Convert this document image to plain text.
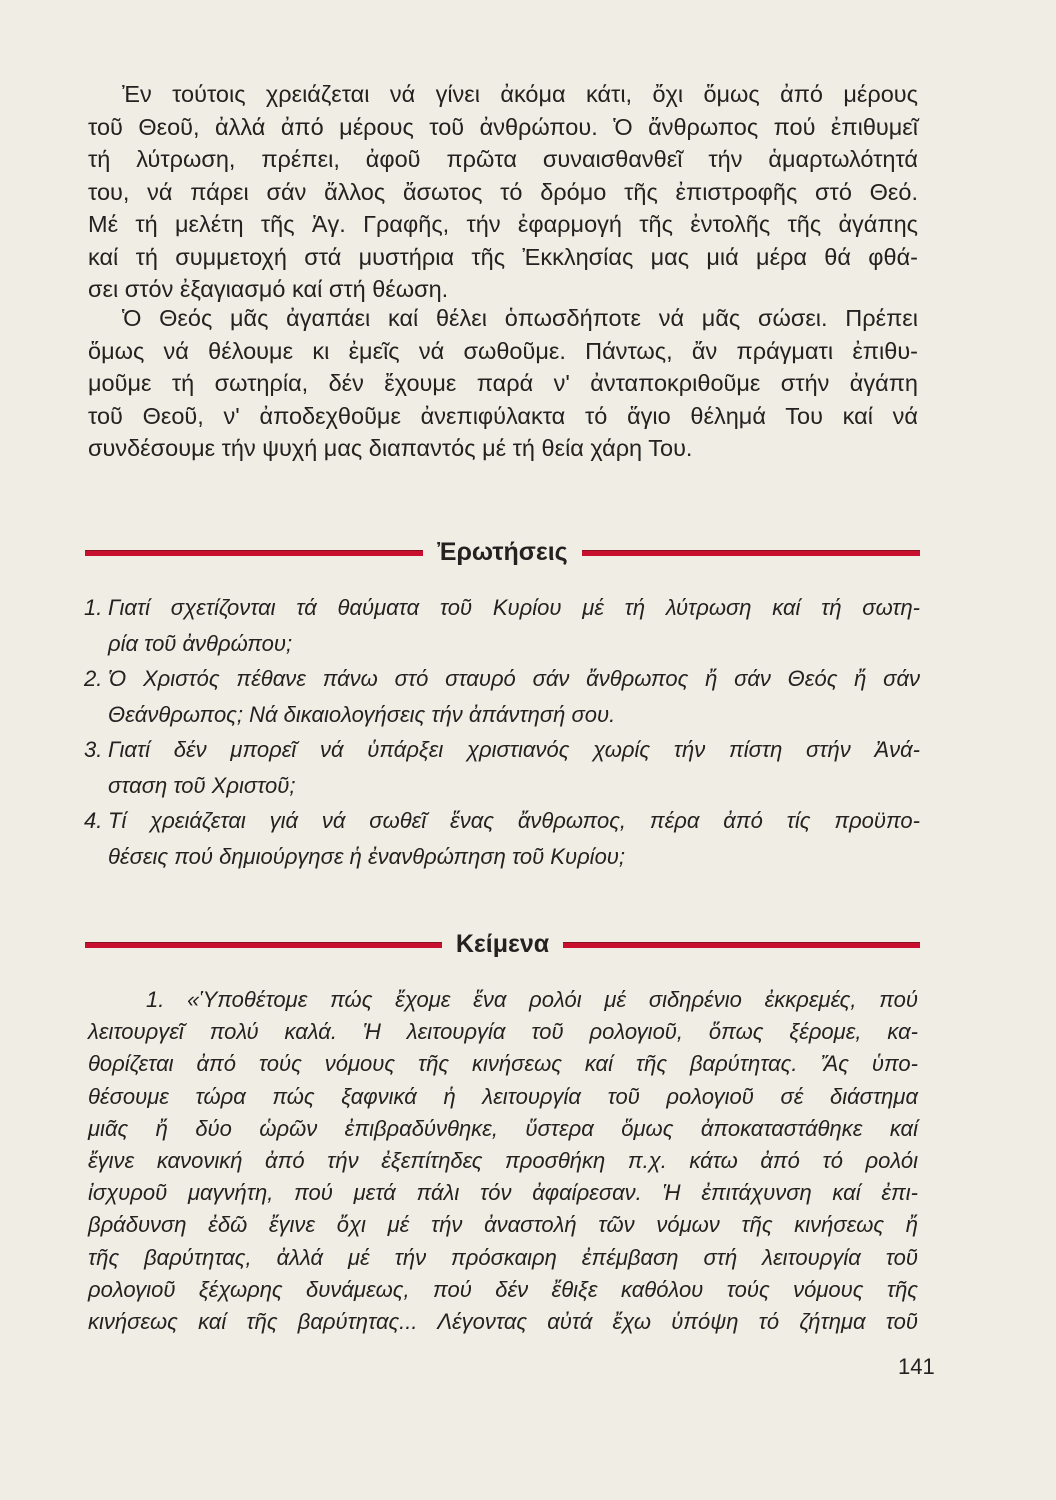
Ἐν τούτοις χρειάζεται νά γίνει ἀκόμα κάτι, ὄχι ὅμως ἀπό μέρους
τοῦ Θεοῦ, ἀλλά ἀπό μέρους τοῦ ἀνθρώπου. Ὁ ἄνθρωπος πού ἐπιθυμεῖ
τή λύτρωση, πρέπει, ἀφοῦ πρῶτα συναισθανθεῖ τήν ἁμαρτωλότητά
του, νά πάρει σάν ἄλλος ἄσωτος τό δρόμο τῆς ἐπιστροφῆς στό Θεό.
Μέ τή μελέτη τῆς Ἁγ. Γραφῆς, τήν ἐφαρμογή τῆς ἐντολῆς τῆς ἀγάπης
καί τή συμμετοχή στά μυστήρια τῆς Ἐκκλησίας μας μιά μέρα θά φθά-
σει στόν ἐξαγιασμό καί στή θέωση.
Ὁ Θεός μᾶς ἀγαπάει καί θέλει ὁπωσδήποτε νά μᾶς σώσει. Πρέπει
ὅμως νά θέλουμε κι ἐμεῖς νά σωθοῦμε. Πάντως, ἄν πράγματι ἐπιθυ-
μοῦμε τή σωτηρία, δέν ἔχουμε παρά ν' ἀνταποκριθοῦμε στήν ἀγάπη
τοῦ Θεοῦ, ν' ἀποδεχθοῦμε ἀνεπιφύλακτα τό ἅγιο θέλημά Του καί νά
συνδέσουμε τήν ψυχή μας διαπαντός μέ τή θεία χάρη Του.
Ἐρωτήσεις
1. Γιατί σχετίζονται τά θαύματα τοῦ Κυρίου μέ τή λύτρωση καί τή σωτη-
ρία τοῦ ἀνθρώπου;
2. Ὁ Χριστός πέθανε πάνω στό σταυρό σάν ἄνθρωπος ἤ σάν Θεός ἤ σάν
Θεάνθρωπος; Νά δικαιολογήσεις τήν ἀπάντησή σου.
3. Γιατί δέν μπορεῖ νά ὑπάρξει χριστιανός χωρίς τήν πίστη στήν Ἀνά-
σταση τοῦ Χριστοῦ;
4. Τί χρειάζεται γιά νά σωθεῖ ἕνας ἄνθρωπος, πέρα ἀπό τίς προϋπο-
θέσεις πού δημιούργησε ἡ ἐνανθρώπηση τοῦ Κυρίου;
Κείμενα
1. «Ὑποθέτομε πώς ἔχομε ἕνα ρολόι μέ σιδηρένιο ἐκκρεμές, πού
λειτουργεῖ πολύ καλά. Ἡ λειτουργία τοῦ ρολογιοῦ, ὅπως ξέρομε, κα-
θορίζεται ἀπό τούς νόμους τῆς κινήσεως καί τῆς βαρύτητας. Ἄς ὑπο-
θέσουμε τώρα πώς ξαφνικά ἡ λειτουργία τοῦ ρολογιοῦ σέ διάστημα
μιᾶς ἤ δύο ὡρῶν ἐπιβραδύνθηκε, ὕστερα ὅμως ἀποκαταστάθηκε καί
ἔγινε κανονική ἀπό τήν ἐξεπίτηδες προσθήκη π.χ. κάτω ἀπό τό ρολόι
ἰσχυροῦ μαγνήτη, πού μετά πάλι τόν ἀφαίρεσαν. Ἡ ἐπιτάχυνση καί ἐπι-
βράδυνση ἐδῶ ἔγινε ὄχι μέ τήν ἀναστολή τῶν νόμων τῆς κινήσεως ἤ
τῆς βαρύτητας, ἀλλά μέ τήν πρόσκαιρη ἐπέμβαση στή λειτουργία τοῦ
ρολογιοῦ ξέχωρης δυνάμεως, πού δέν ἔθιξε καθόλου τούς νόμους τῆς
κινήσεως καί τῆς βαρύτητας... Λέγοντας αὐτά ἔχω ὑπόψη τό ζήτημα τοῦ
141
